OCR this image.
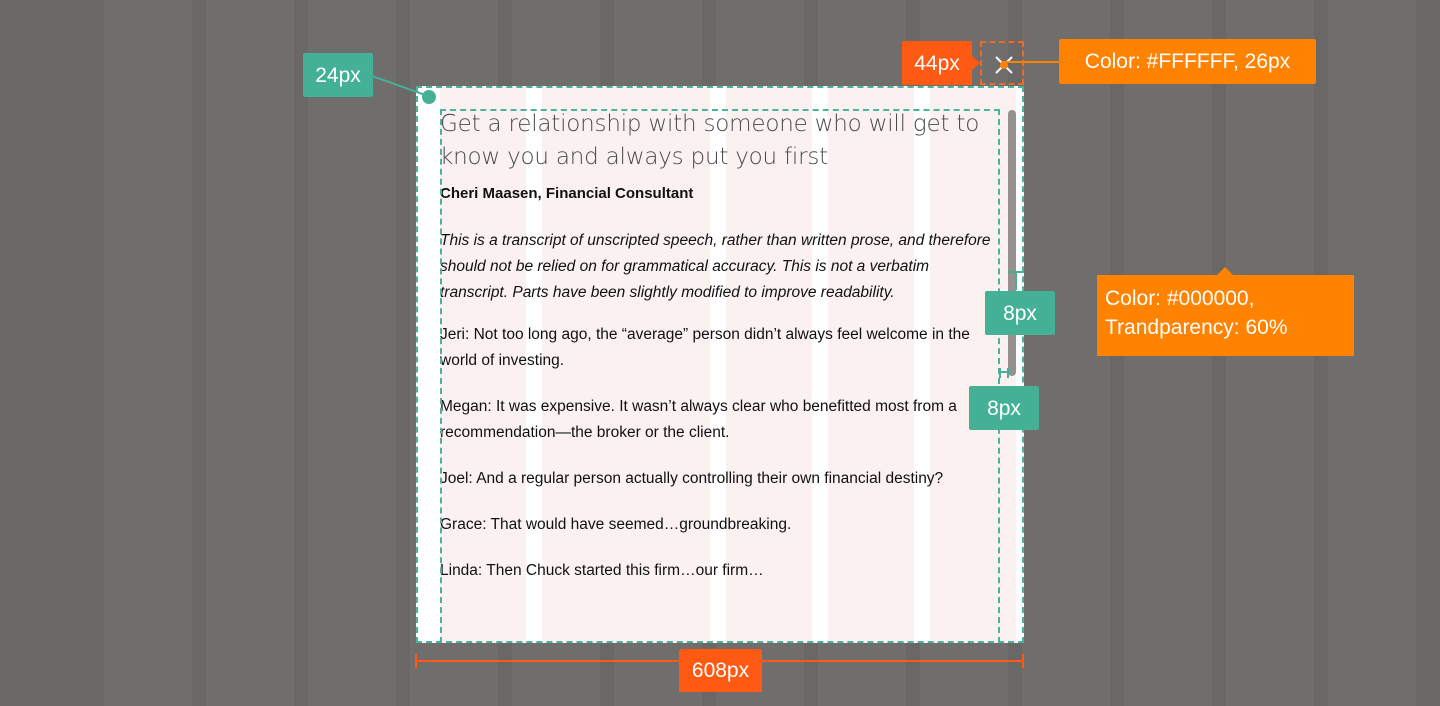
Get a relationship with someone who will get to know you and always put you first
Cheri Maasen, Financial Consultant
This is a transcript of unscripted speech, rather than written prose, and therefore should not be relied on for grammatical accuracy. This is not a verbatim transcript. Parts have been slightly modified to improve readability.
Jeri: Not too long ago, the “average” person didn’t always feel welcome in the world of investing.
Megan: It was expensive. It wasn’t always clear who benefitted most from a recommendation—the broker or the client.
Joel: And a regular person actually controlling their own financial destiny?
Grace: That would have seemed…groundbreaking.
Linda: Then Chuck started this firm…our firm…
24px
44px	Color: #FFFFFF, 26px
Color: #000000, Trandparency: 60%
8px
8px
608px
